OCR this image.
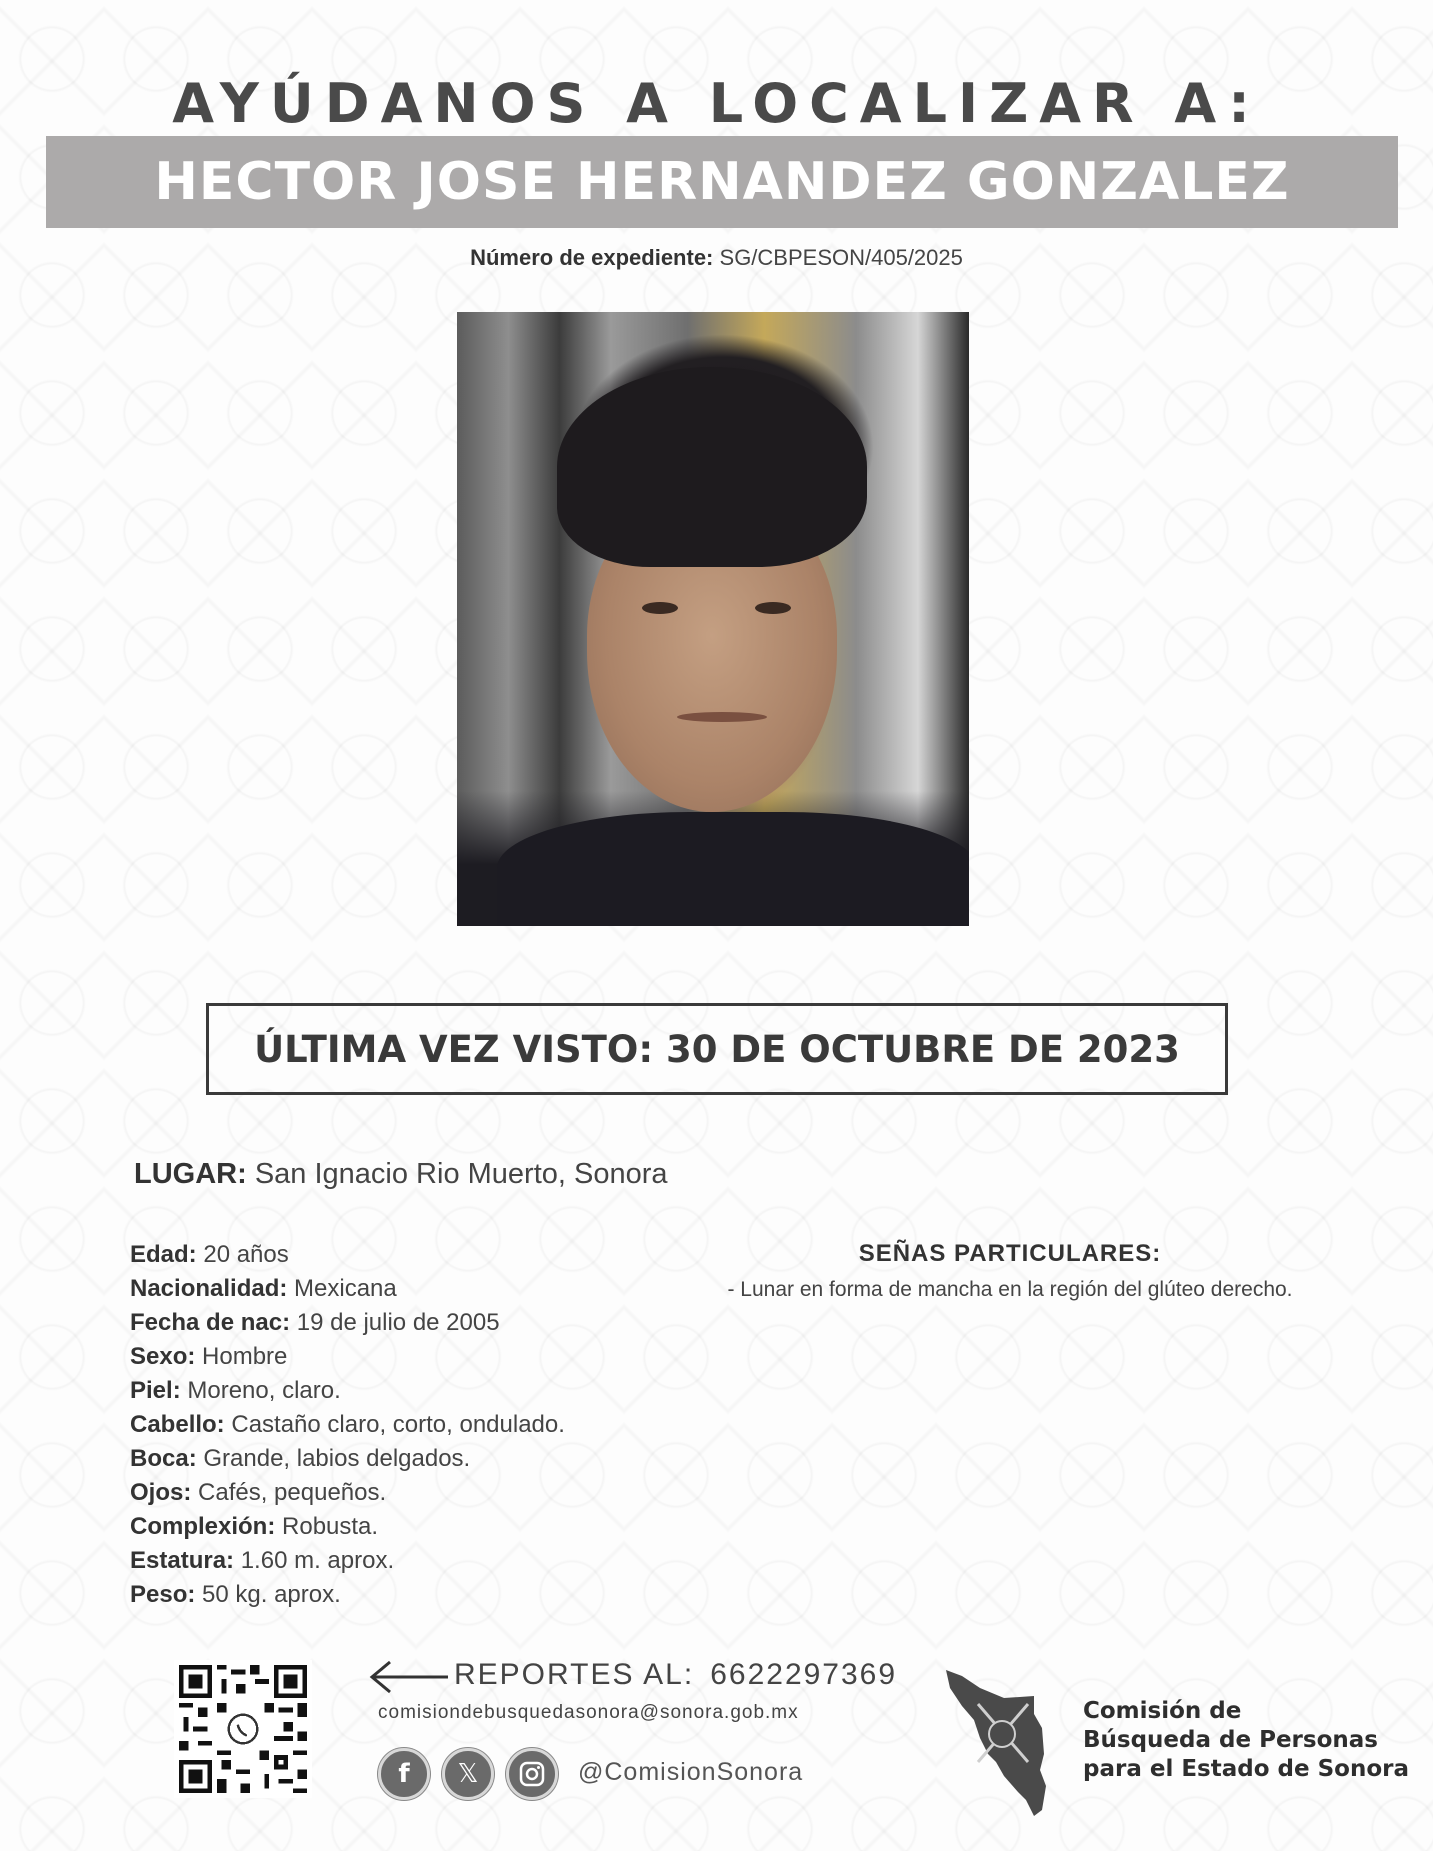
AYÚDANOS A LOCALIZAR A:
HECTOR JOSE HERNANDEZ GONZALEZ
Número de expediente: SG/CBPESON/405/2025
ÚLTIMA VEZ VISTO: 30 DE OCTUBRE DE 2023
LUGAR: San Ignacio Rio Muerto, Sonora
Edad: 20 años
Nacionalidad: Mexicana
Fecha de nac: 19 de julio de 2005
Sexo: Hombre
Piel: Moreno, claro.
Cabello: Castaño claro, corto, ondulado.
Boca: Grande, labios delgados.
Ojos: Cafés, pequeños.
Complexión: Robusta.
Estatura: 1.60 m. aprox.
Peso: 50 kg. aprox.
SEÑAS PARTICULARES:
- Lunar en forma de mancha en la región del glúteo derecho.
REPORTES AL: 6622297369
comisiondebusquedasonora@sonora.gob.mx
f	𝕏	@ComisionSonora
Comisión de
Búsqueda de Personas
para el Estado de Sonora
